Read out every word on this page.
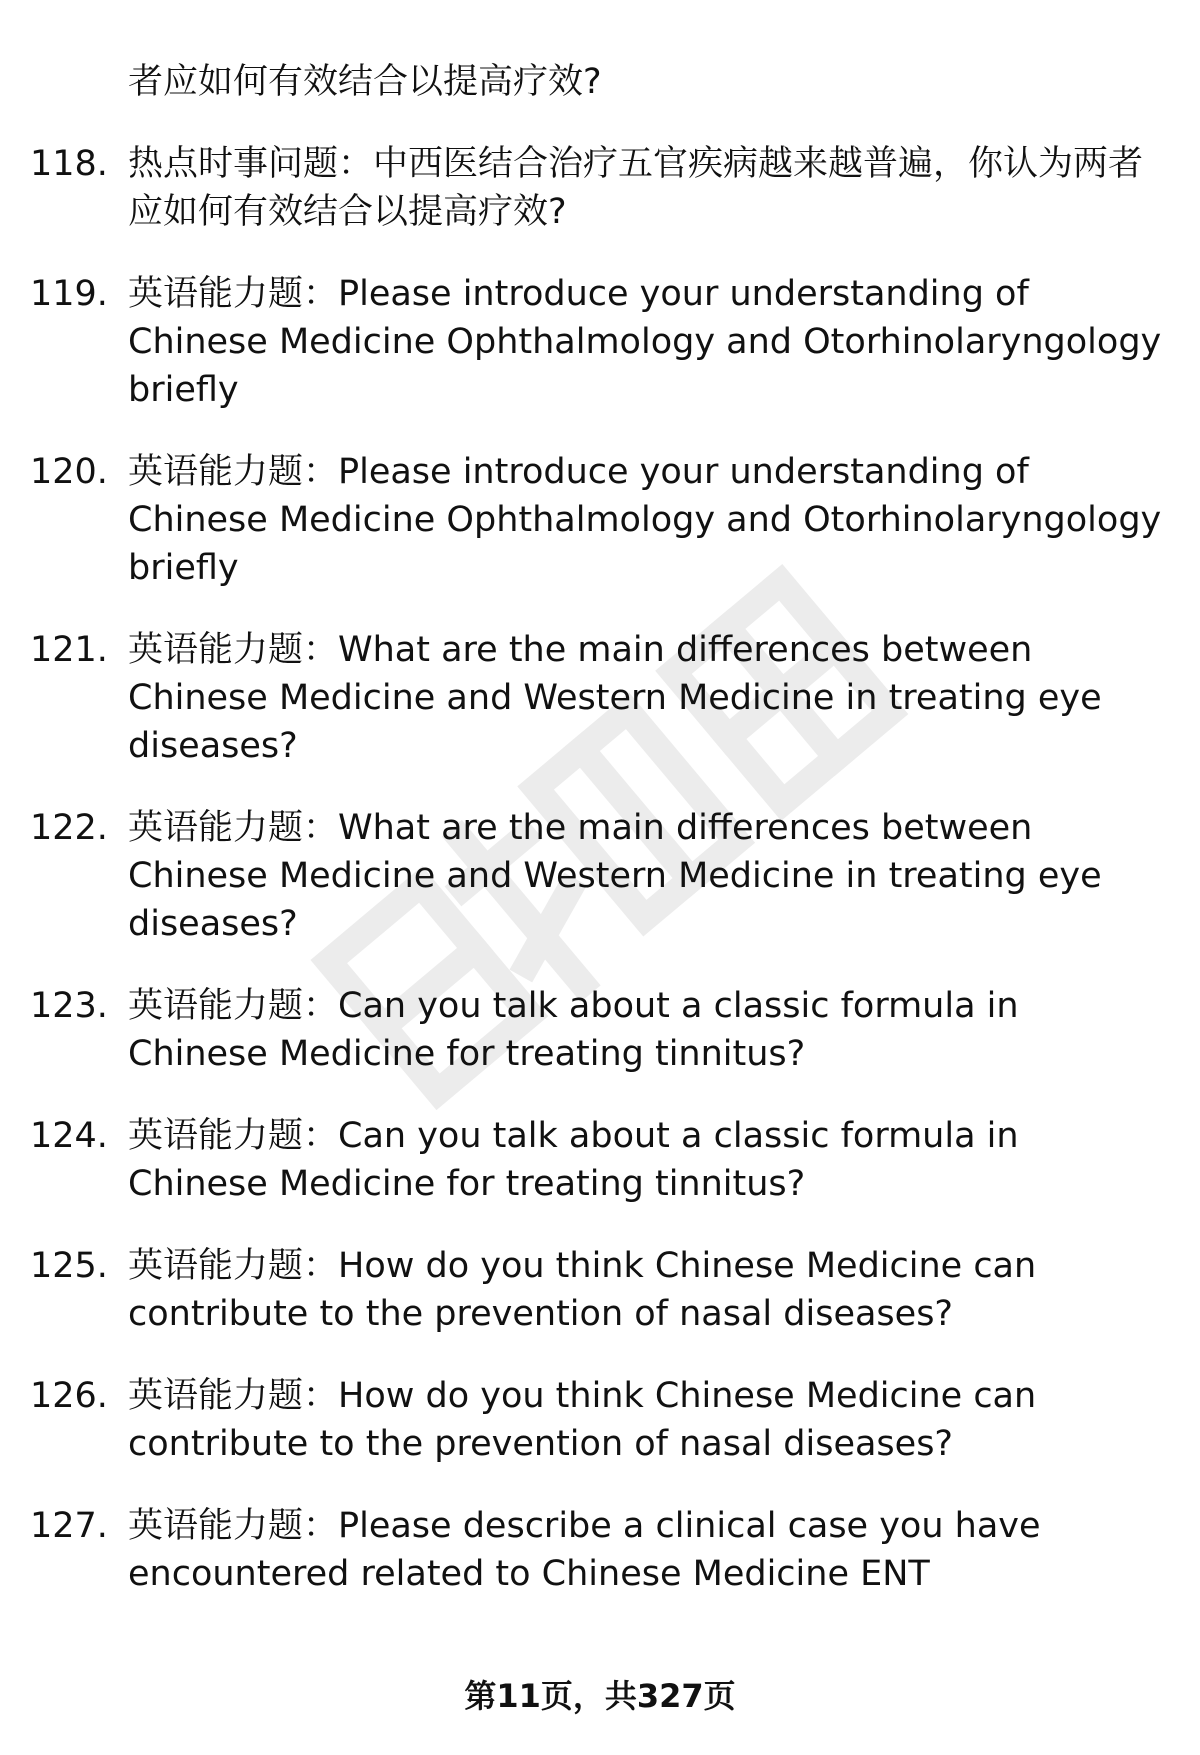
者应如何有效结合以提高疗效?
118. 热点时事问题：中西医结合治疗五官疾病越来越普遍，你认为两者应如何有效结合以提高疗效?
119. 英语能力题：Please introduce your understanding of Chinese Medicine Ophthalmology and Otorhinolaryngology briefly
120. 英语能力题：Please introduce your understanding of Chinese Medicine Ophthalmology and Otorhinolaryngology briefly
121. 英语能力题：What are the main differences between Chinese Medicine and Western Medicine in treating eye diseases?
122. 英语能力题：What are the main differences between Chinese Medicine and Western Medicine in treating eye diseases?
123. 英语能力题：Can you talk about a classic formula in Chinese Medicine for treating tinnitus?
124. 英语能力题：Can you talk about a classic formula in Chinese Medicine for treating tinnitus?
125. 英语能力题：How do you think Chinese Medicine can contribute to the prevention of nasal diseases?
126. 英语能力题：How do you think Chinese Medicine can contribute to the prevention of nasal diseases?
127. 英语能力题：Please describe a clinical case you have encountered related to Chinese Medicine ENT
第11页，共327页
